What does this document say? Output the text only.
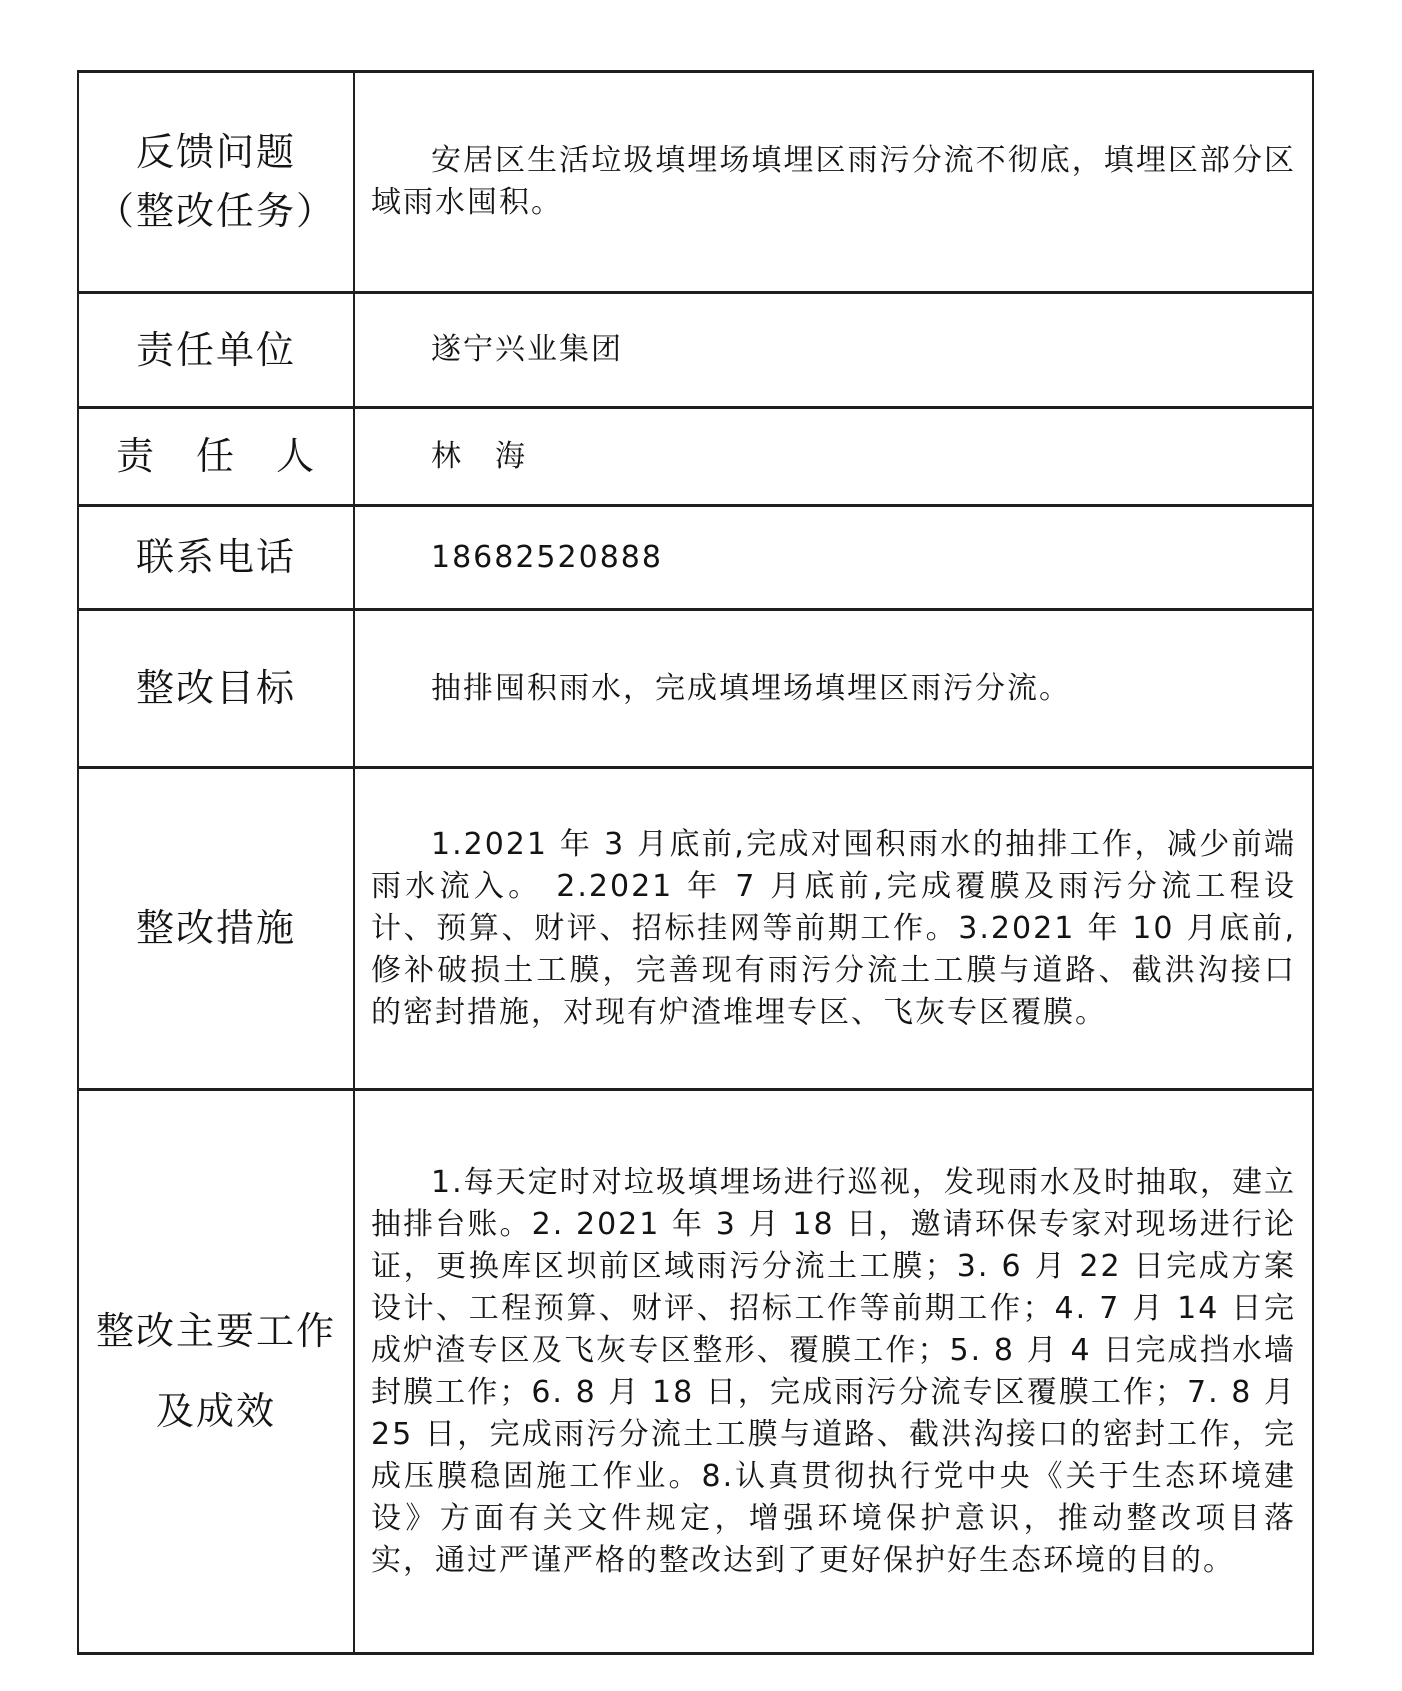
反馈问题
（整改任务）	安居区生活垃圾填埋场填埋区雨污分流不彻底，填埋区部分区域雨水囤积。

责任单位	遂宁兴业集团

责　任　人	林　海

联系电话	18682520888

整改目标	抽排囤积雨水，完成填埋场填埋区雨污分流。

整改措施	1.2021 年 3 月底前,完成对囤积雨水的抽排工作，减少前端雨水流入。 2.2021 年 7 月底前,完成覆膜及雨污分流工程设计、预算、财评、招标挂网等前期工作。3.2021 年 10 月底前,修补破损土工膜，完善现有雨污分流土工膜与道路、截洪沟接口的密封措施，对现有炉渣堆埋专区、飞灰专区覆膜。

整改主要工作
及成效	1.每天定时对垃圾填埋场进行巡视，发现雨水及时抽取，建立抽排台账。2. 2021 年 3 月 18 日，邀请环保专家对现场进行论证，更换库区坝前区域雨污分流土工膜；3. 6 月 22 日完成方案设计、工程预算、财评、招标工作等前期工作；4. 7 月 14 日完成炉渣专区及飞灰专区整形、覆膜工作；5. 8 月 4 日完成挡水墙封膜工作；6. 8 月 18 日，完成雨污分流专区覆膜工作；7. 8 月 25 日，完成雨污分流土工膜与道路、截洪沟接口的密封工作，完成压膜稳固施工作业。8.认真贯彻执行党中央《关于生态环境建设》方面有关文件规定，增强环境保护意识，推动整改项目落实，通过严谨严格的整改达到了更好保护好生态环境的目的。
